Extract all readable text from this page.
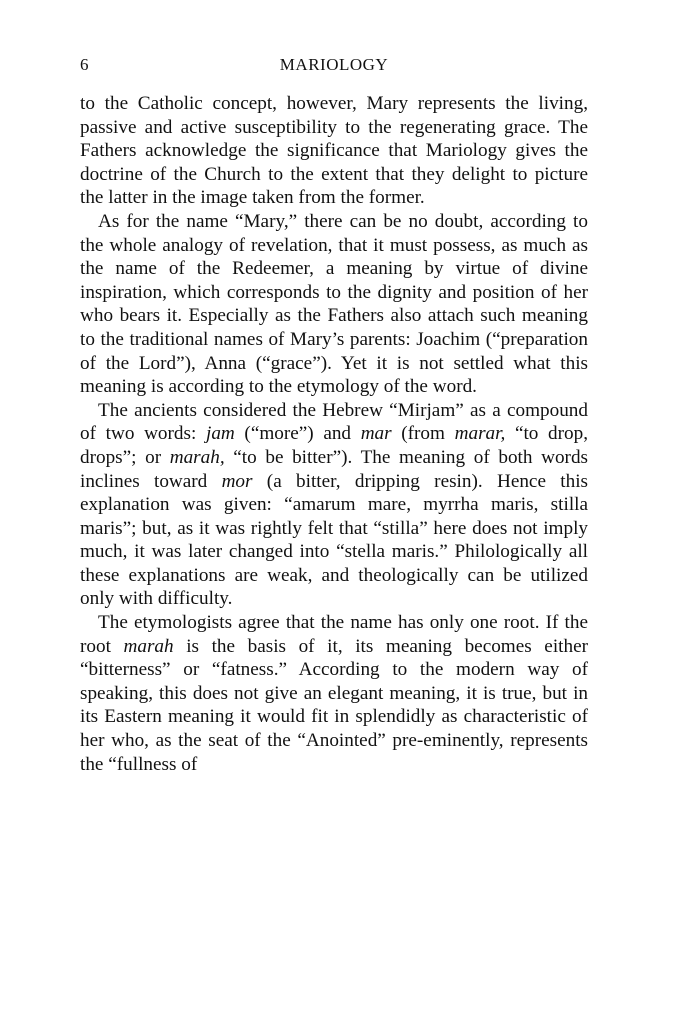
6	MARIOLOGY

to the Catholic concept, however, Mary represents the living, passive and active susceptibility to the regenerating grace. The Fathers acknowledge the significance that Mariology gives the doctrine of the Church to the extent that they delight to picture the latter in the image taken from the former.

As for the name “Mary,” there can be no doubt, according to the whole analogy of revelation, that it must possess, as much as the name of the Redeemer, a meaning by virtue of divine inspiration, which corresponds to the dignity and position of her who bears it. Especially as the Fathers also attach such meaning to the traditional names of Mary’s parents: Joachim (“preparation of the Lord”), Anna (“grace”). Yet it is not settled what this meaning is according to the etymology of the word.

The ancients considered the Hebrew “Mirjam” as a compound of two words: jam (“more”) and mar (from marar, “to drop, drops”; or marah, “to be bitter”). The meaning of both words inclines toward mor (a bitter, dripping resin). Hence this explanation was given: “amarum mare, myrrha maris, stilla maris”; but, as it was rightly felt that “stilla” here does not imply much, it was later changed into “stella maris.” Philologically all these explanations are weak, and theologically can be utilized only with difficulty.

The etymologists agree that the name has only one root. If the root marah is the basis of it, its meaning becomes either “bitterness” or “fatness.” According to the modern way of speaking, this does not give an elegant meaning, it is true, but in its Eastern meaning it would fit in splendidly as characteristic of her who, as the seat of the “Anointed” pre-eminently, represents the “fullness of
